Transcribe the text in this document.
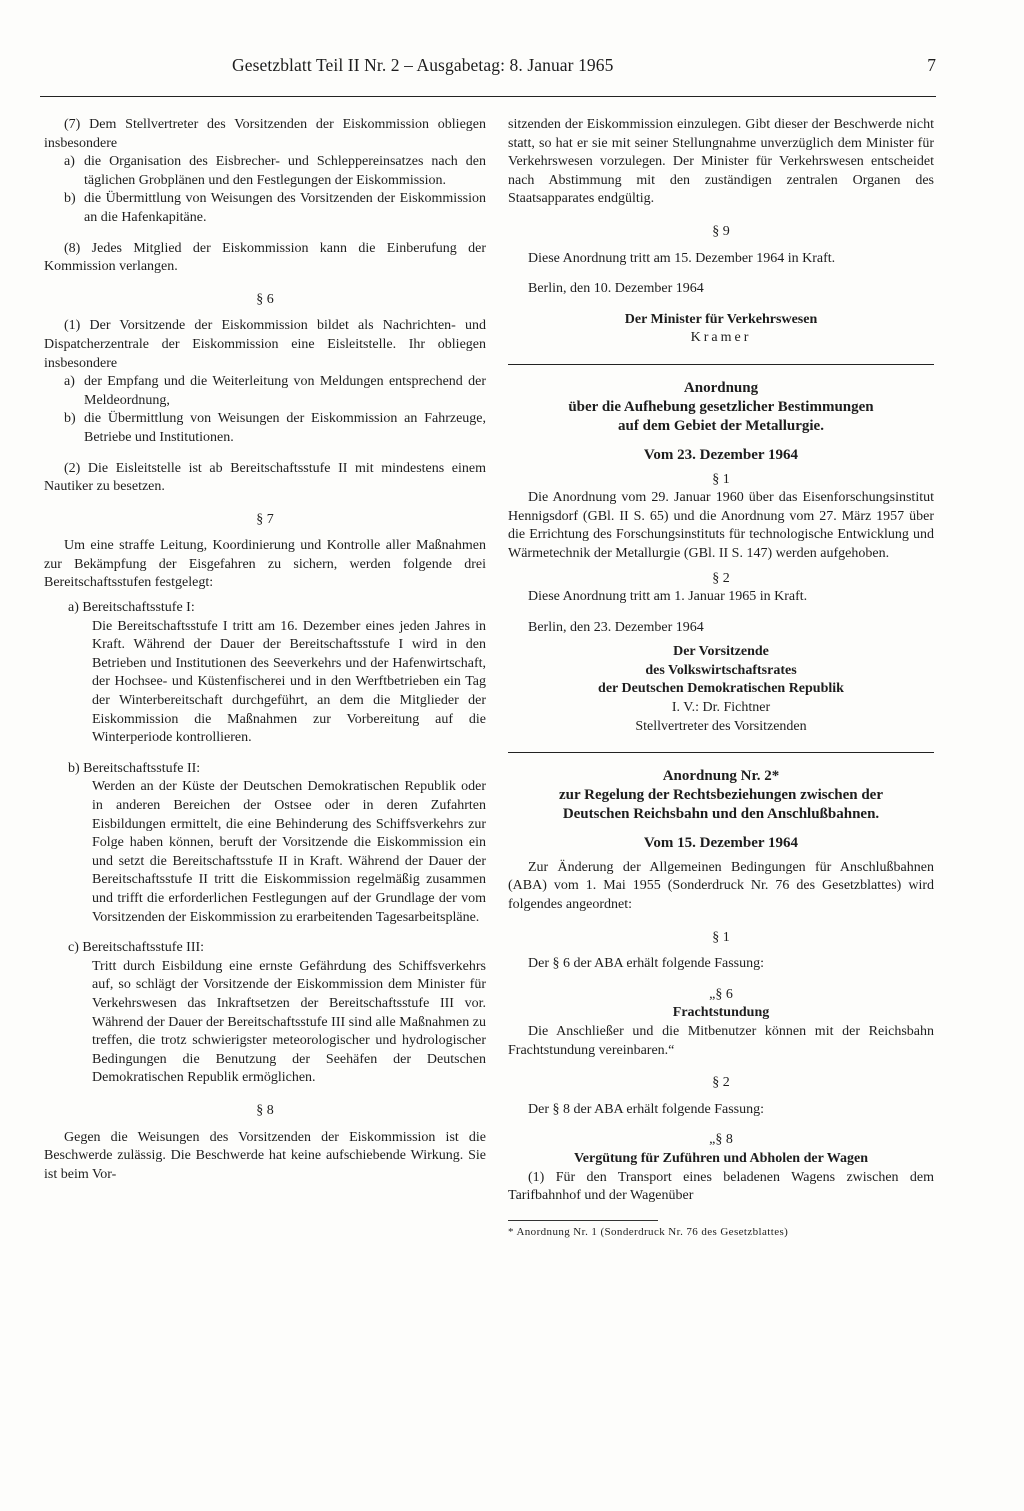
Gesetzblatt Teil II Nr. 2 – Ausgabetag: 8. Januar 1965	7

(7) Dem Stellvertreter des Vorsitzenden der Eiskommission obliegen insbesondere

a) die Organisation des Eisbrecher- und Schleppereinsatzes nach den täglichen Grobplänen und den Festlegungen der Eiskommission.
b) die Übermittlung von Weisungen des Vorsitzenden der Eiskommission an die Hafenkapitäne.

(8) Jedes Mitglied der Eiskommission kann die Einberufung der Kommission verlangen.

§ 6

(1) Der Vorsitzende der Eiskommission bildet als Nachrichten- und Dispatcherzentrale der Eiskommission eine Eisleitstelle. Ihr obliegen insbesondere

a) der Empfang und die Weiterleitung von Meldungen entsprechend der Meldeordnung,
b) die Übermittlung von Weisungen der Eiskommission an Fahrzeuge, Betriebe und Institutionen.

(2) Die Eisleitstelle ist ab Bereitschaftsstufe II mit mindestens einem Nautiker zu besetzen.

§ 7

Um eine straffe Leitung, Koordinierung und Kontrolle aller Maßnahmen zur Bekämpfung der Eisgefahren zu sichern, werden folgende drei Bereitschaftsstufen festgelegt:

a) Bereitschaftsstufe I:

Die Bereitschaftsstufe I tritt am 16. Dezember eines jeden Jahres in Kraft. Während der Dauer der Bereitschaftsstufe I wird in den Betrieben und Institutionen des Seeverkehrs und der Hafenwirtschaft, der Hochsee- und Küstenfischerei und in den Werftbetrieben ein Tag der Winterbereitschaft durchgeführt, an dem die Mitglieder der Eiskommission die Maßnahmen zur Vorbereitung auf die Winterperiode kontrollieren.

b) Bereitschaftsstufe II:

Werden an der Küste der Deutschen Demokratischen Republik oder in anderen Bereichen der Ostsee oder in deren Zufahrten Eisbildungen ermittelt, die eine Behinderung des Schiffsverkehrs zur Folge haben können, beruft der Vorsitzende die Eiskommission ein und setzt die Bereitschaftsstufe II in Kraft. Während der Dauer der Bereitschaftsstufe II tritt die Eiskommission regelmäßig zusammen und trifft die erforderlichen Festlegungen auf der Grundlage der vom Vorsitzenden der Eiskommission zu erarbeitenden Tagesarbeitspläne.

c) Bereitschaftsstufe III:

Tritt durch Eisbildung eine ernste Gefährdung des Schiffsverkehrs auf, so schlägt der Vorsitzende der Eiskommission dem Minister für Verkehrswesen das Inkraftsetzen der Bereitschaftsstufe III vor. Während der Dauer der Bereitschaftsstufe III sind alle Maßnahmen zu treffen, die trotz schwierigster meteorologischer und hydrologischer Bedingungen die Benutzung der Seehäfen der Deutschen Demokratischen Republik ermöglichen.

§ 8

Gegen die Weisungen des Vorsitzenden der Eiskommission ist die Beschwerde zulässig. Die Beschwerde hat keine aufschiebende Wirkung. Sie ist beim Vor-

sitzenden der Eiskommission einzulegen. Gibt dieser der Beschwerde nicht statt, so hat er sie mit seiner Stellungnahme unverzüglich dem Minister für Verkehrswesen vorzulegen. Der Minister für Verkehrswesen entscheidet nach Abstimmung mit den zuständigen zentralen Organen des Staatsapparates endgültig.

§ 9

Diese Anordnung tritt am 15. Dezember 1964 in Kraft.

Berlin, den 10. Dezember 1964

Der Minister für Verkehrswesen
Kramer
Anordnung
über die Aufhebung gesetzlicher Bestimmungen
auf dem Gebiet der Metallurgie.
Vom 23. Dezember 1964
§ 1

Die Anordnung vom 29. Januar 1960 über das Eisenforschungsinstitut Hennigsdorf (GBl. II S. 65) und die Anordnung vom 27. März 1957 über die Errichtung des Forschungsinstituts für technologische Entwicklung und Wärmetechnik der Metallurgie (GBl. II S. 147) werden aufgehoben.

§ 2

Diese Anordnung tritt am 1. Januar 1965 in Kraft.

Berlin, den 23. Dezember 1964

Der Vorsitzende
des Volkswirtschaftsrates
der Deutschen Demokratischen Republik
I. V.: Dr. Fichtner
Stellvertreter des Vorsitzenden
Anordnung Nr. 2*
zur Regelung der Rechtsbeziehungen zwischen der
Deutschen Reichsbahn und den Anschlußbahnen.
Vom 15. Dezember 1964

Zur Änderung der Allgemeinen Bedingungen für Anschlußbahnen (ABA) vom 1. Mai 1955 (Sonderdruck Nr. 76 des Gesetzblattes) wird folgendes angeordnet:

§ 1

Der § 6 der ABA erhält folgende Fassung:

„§ 6
Frachtstundung

Die Anschließer und die Mitbenutzer können mit der Reichsbahn Frachtstundung vereinbaren.“

§ 2

Der § 8 der ABA erhält folgende Fassung:

„§ 8
Vergütung für Zuführen und Abholen der Wagen

(1) Für den Transport eines beladenen Wagens zwischen dem Tarifbahnhof und der Wagenüber

* Anordnung Nr. 1 (Sonderdruck Nr. 76 des Gesetzblattes)
